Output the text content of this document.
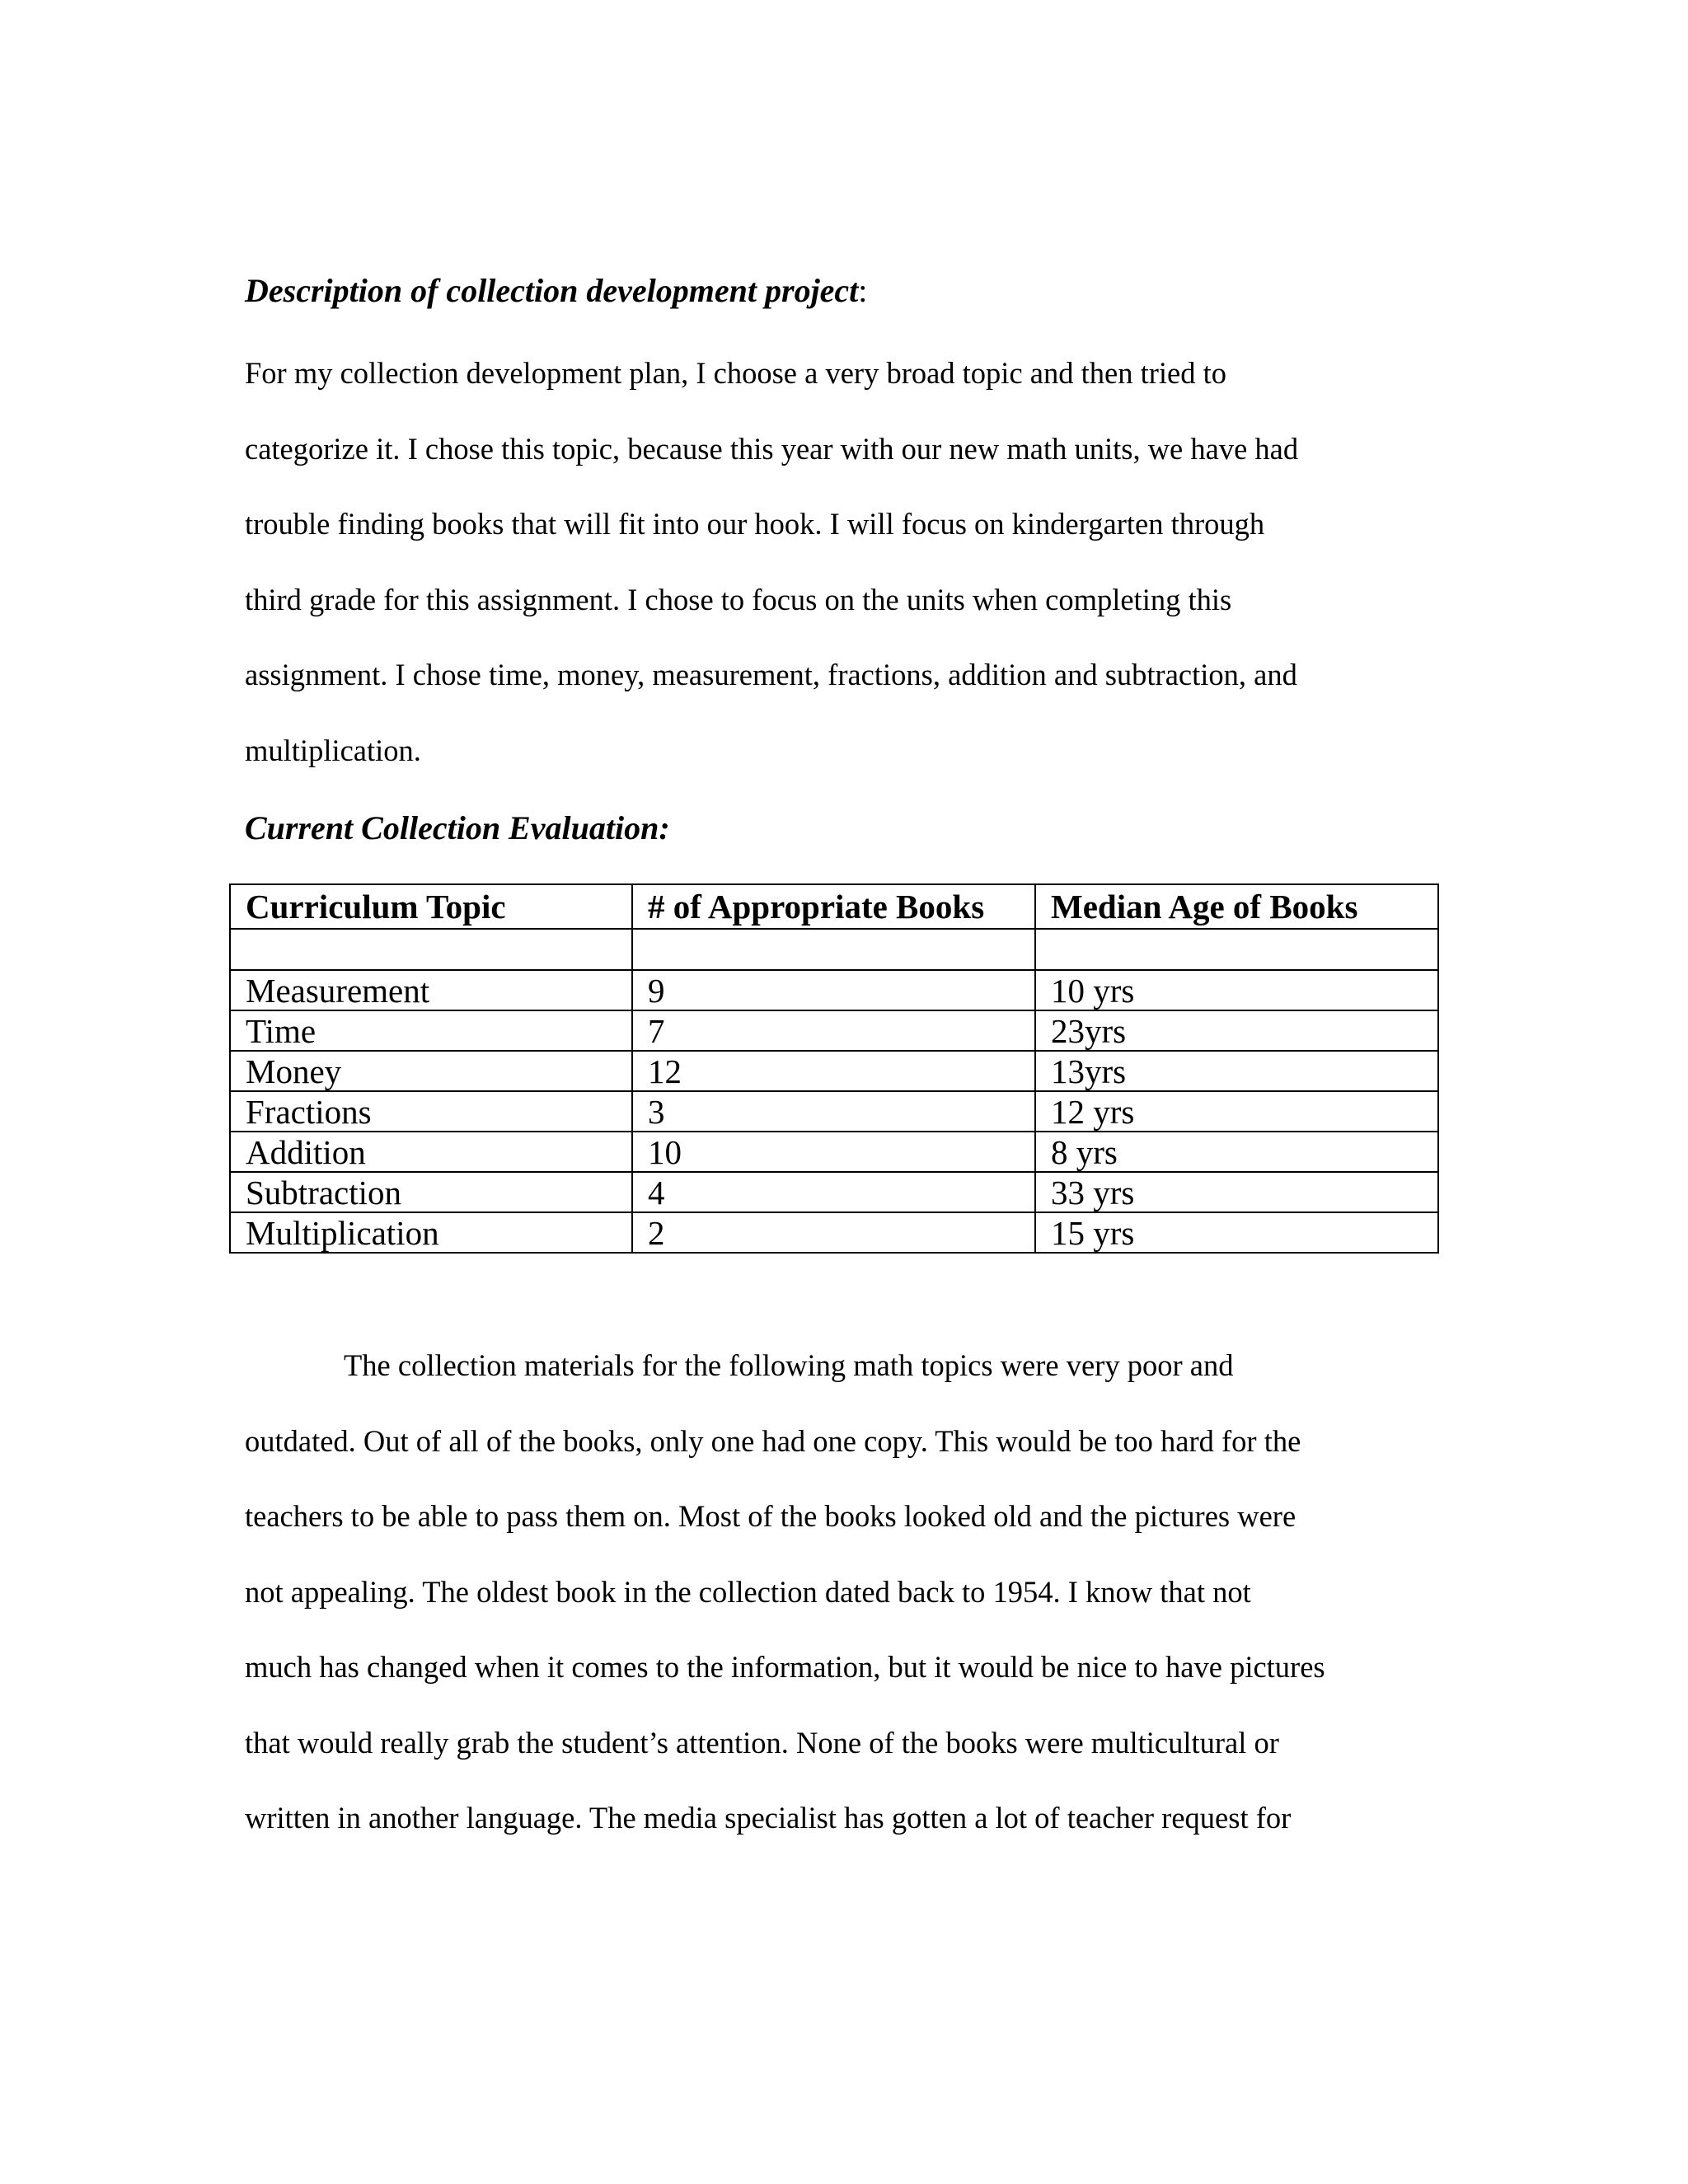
Description of collection development project:
For my collection development plan, I choose a very broad topic and then tried to
categorize it. I chose this topic, because this year with our new math units, we have had
trouble finding books that will fit into our hook. I will focus on kindergarten through
third grade for this assignment. I chose to focus on the units when completing this
assignment. I chose time, money, measurement, fractions, addition and subtraction, and
multiplication.
Current Collection Evaluation:
Curriculum Topic	# of Appropriate Books	Median Age of Books

Measurement	9	10 yrs
Time	7	23yrs
Money	12	13yrs
Fractions	3	12 yrs
Addition	10	8 yrs
Subtraction	4	33 yrs
Multiplication	2	15 yrs
The collection materials for the following math topics were very poor and
outdated. Out of all of the books, only one had one copy. This would be too hard for the
teachers to be able to pass them on. Most of the books looked old and the pictures were
not appealing. The oldest book in the collection dated back to 1954. I know that not
much has changed when it comes to the information, but it would be nice to have pictures
that would really grab the student’s attention. None of the books were multicultural or
written in another language. The media specialist has gotten a lot of teacher request for
